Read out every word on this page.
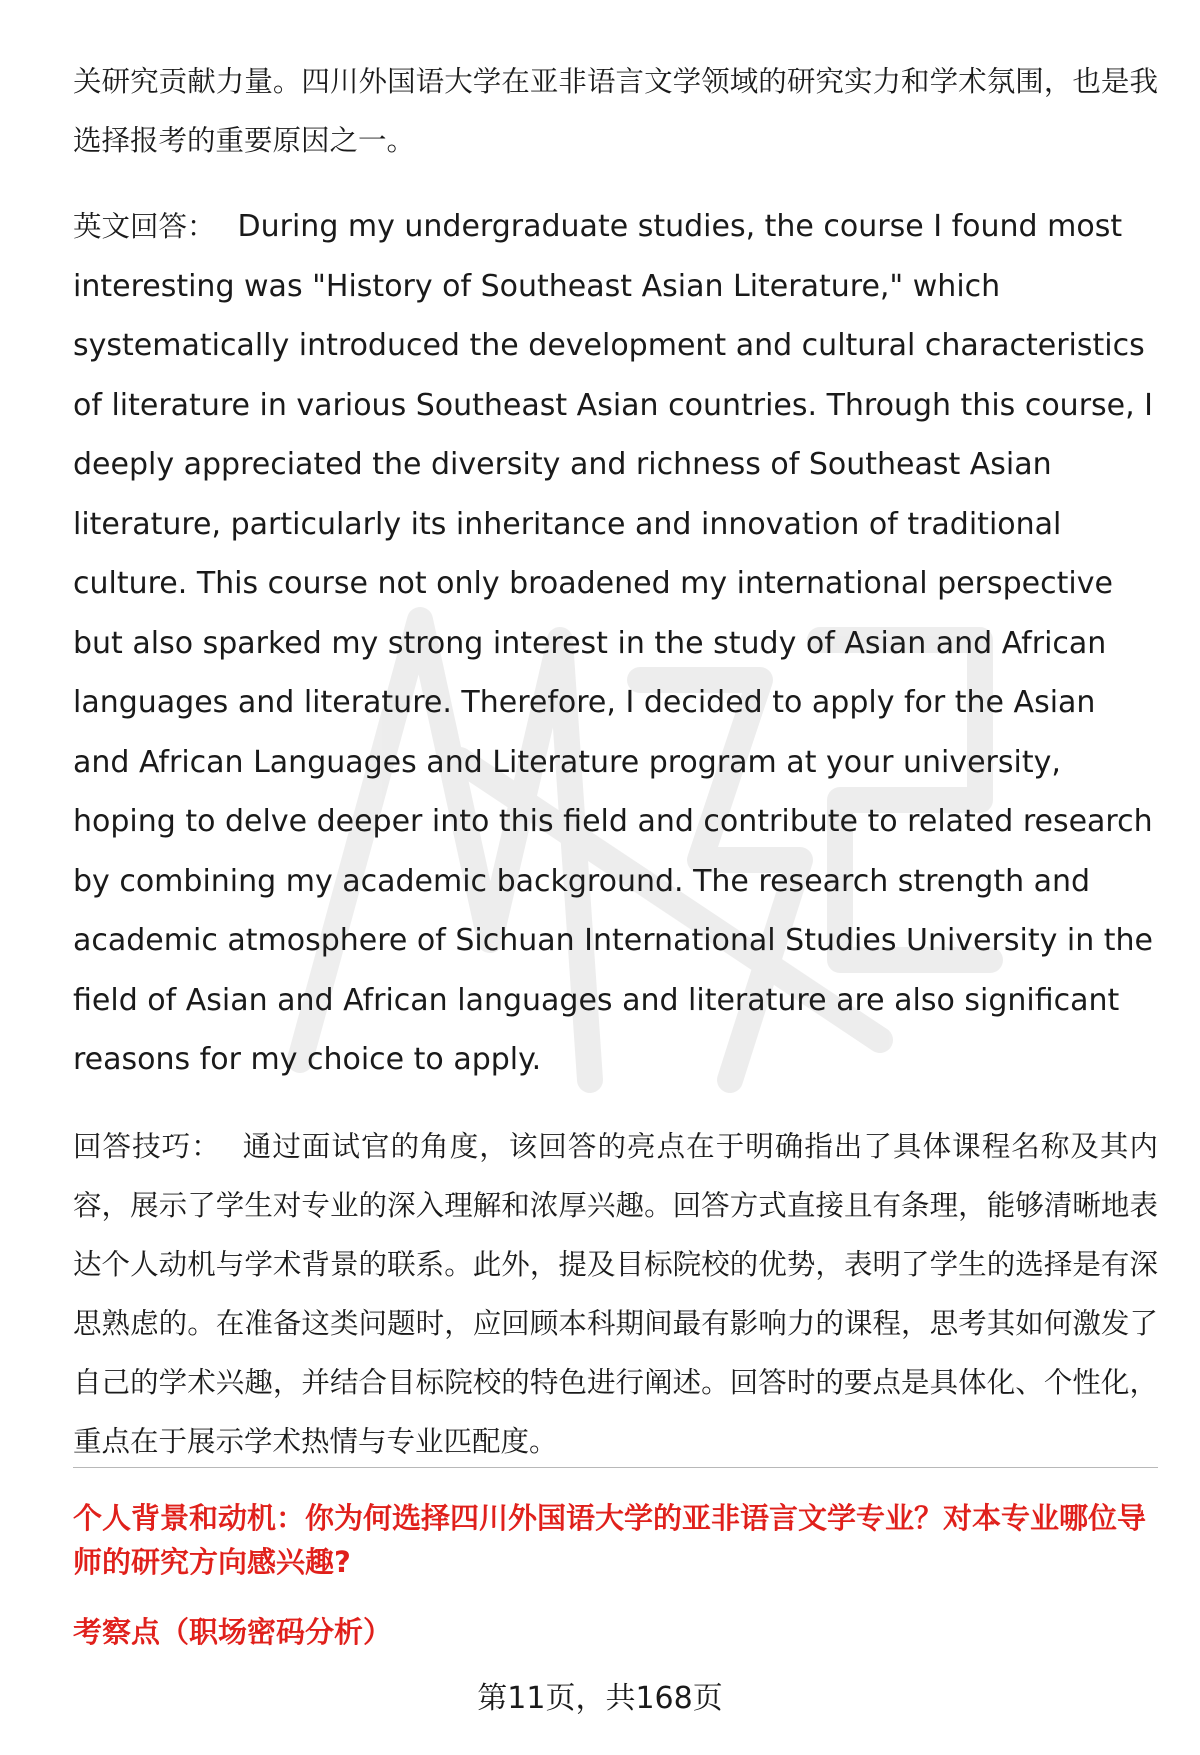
关研究贡献力量。四川外国语大学在亚非语言文学领域的研究实力和学术氛围，也是我选择报考的重要原因之一。

英文回答： During my undergraduate studies, the course I found most interesting was "History of Southeast Asian Literature," which systematically introduced the development and cultural characteristics of literature in various Southeast Asian countries. Through this course, I deeply appreciated the diversity and richness of Southeast Asian literature, particularly its inheritance and innovation of traditional culture. This course not only broadened my international perspective but also sparked my strong interest in the study of Asian and African languages and literature. Therefore, I decided to apply for the Asian and African Languages and Literature program at your university, hoping to delve deeper into this field and contribute to related research by combining my academic background. The research strength and academic atmosphere of Sichuan International Studies University in the field of Asian and African languages and literature are also significant reasons for my choice to apply.

回答技巧： 通过面试官的角度，该回答的亮点在于明确指出了具体课程名称及其内容，展示了学生对专业的深入理解和浓厚兴趣。回答方式直接且有条理，能够清晰地表达个人动机与学术背景的联系。此外，提及目标院校的优势，表明了学生的选择是有深思熟虑的。在准备这类问题时，应回顾本科期间最有影响力的课程，思考其如何激发了自己的学术兴趣，并结合目标院校的特色进行阐述。回答时的要点是具体化、个性化，重点在于展示学术热情与专业匹配度。

个人背景和动机：你为何选择四川外国语大学的亚非语言文学专业？对本专业哪位导师的研究方向感兴趣?

考察点（职场密码分析）

第11页，共168页
